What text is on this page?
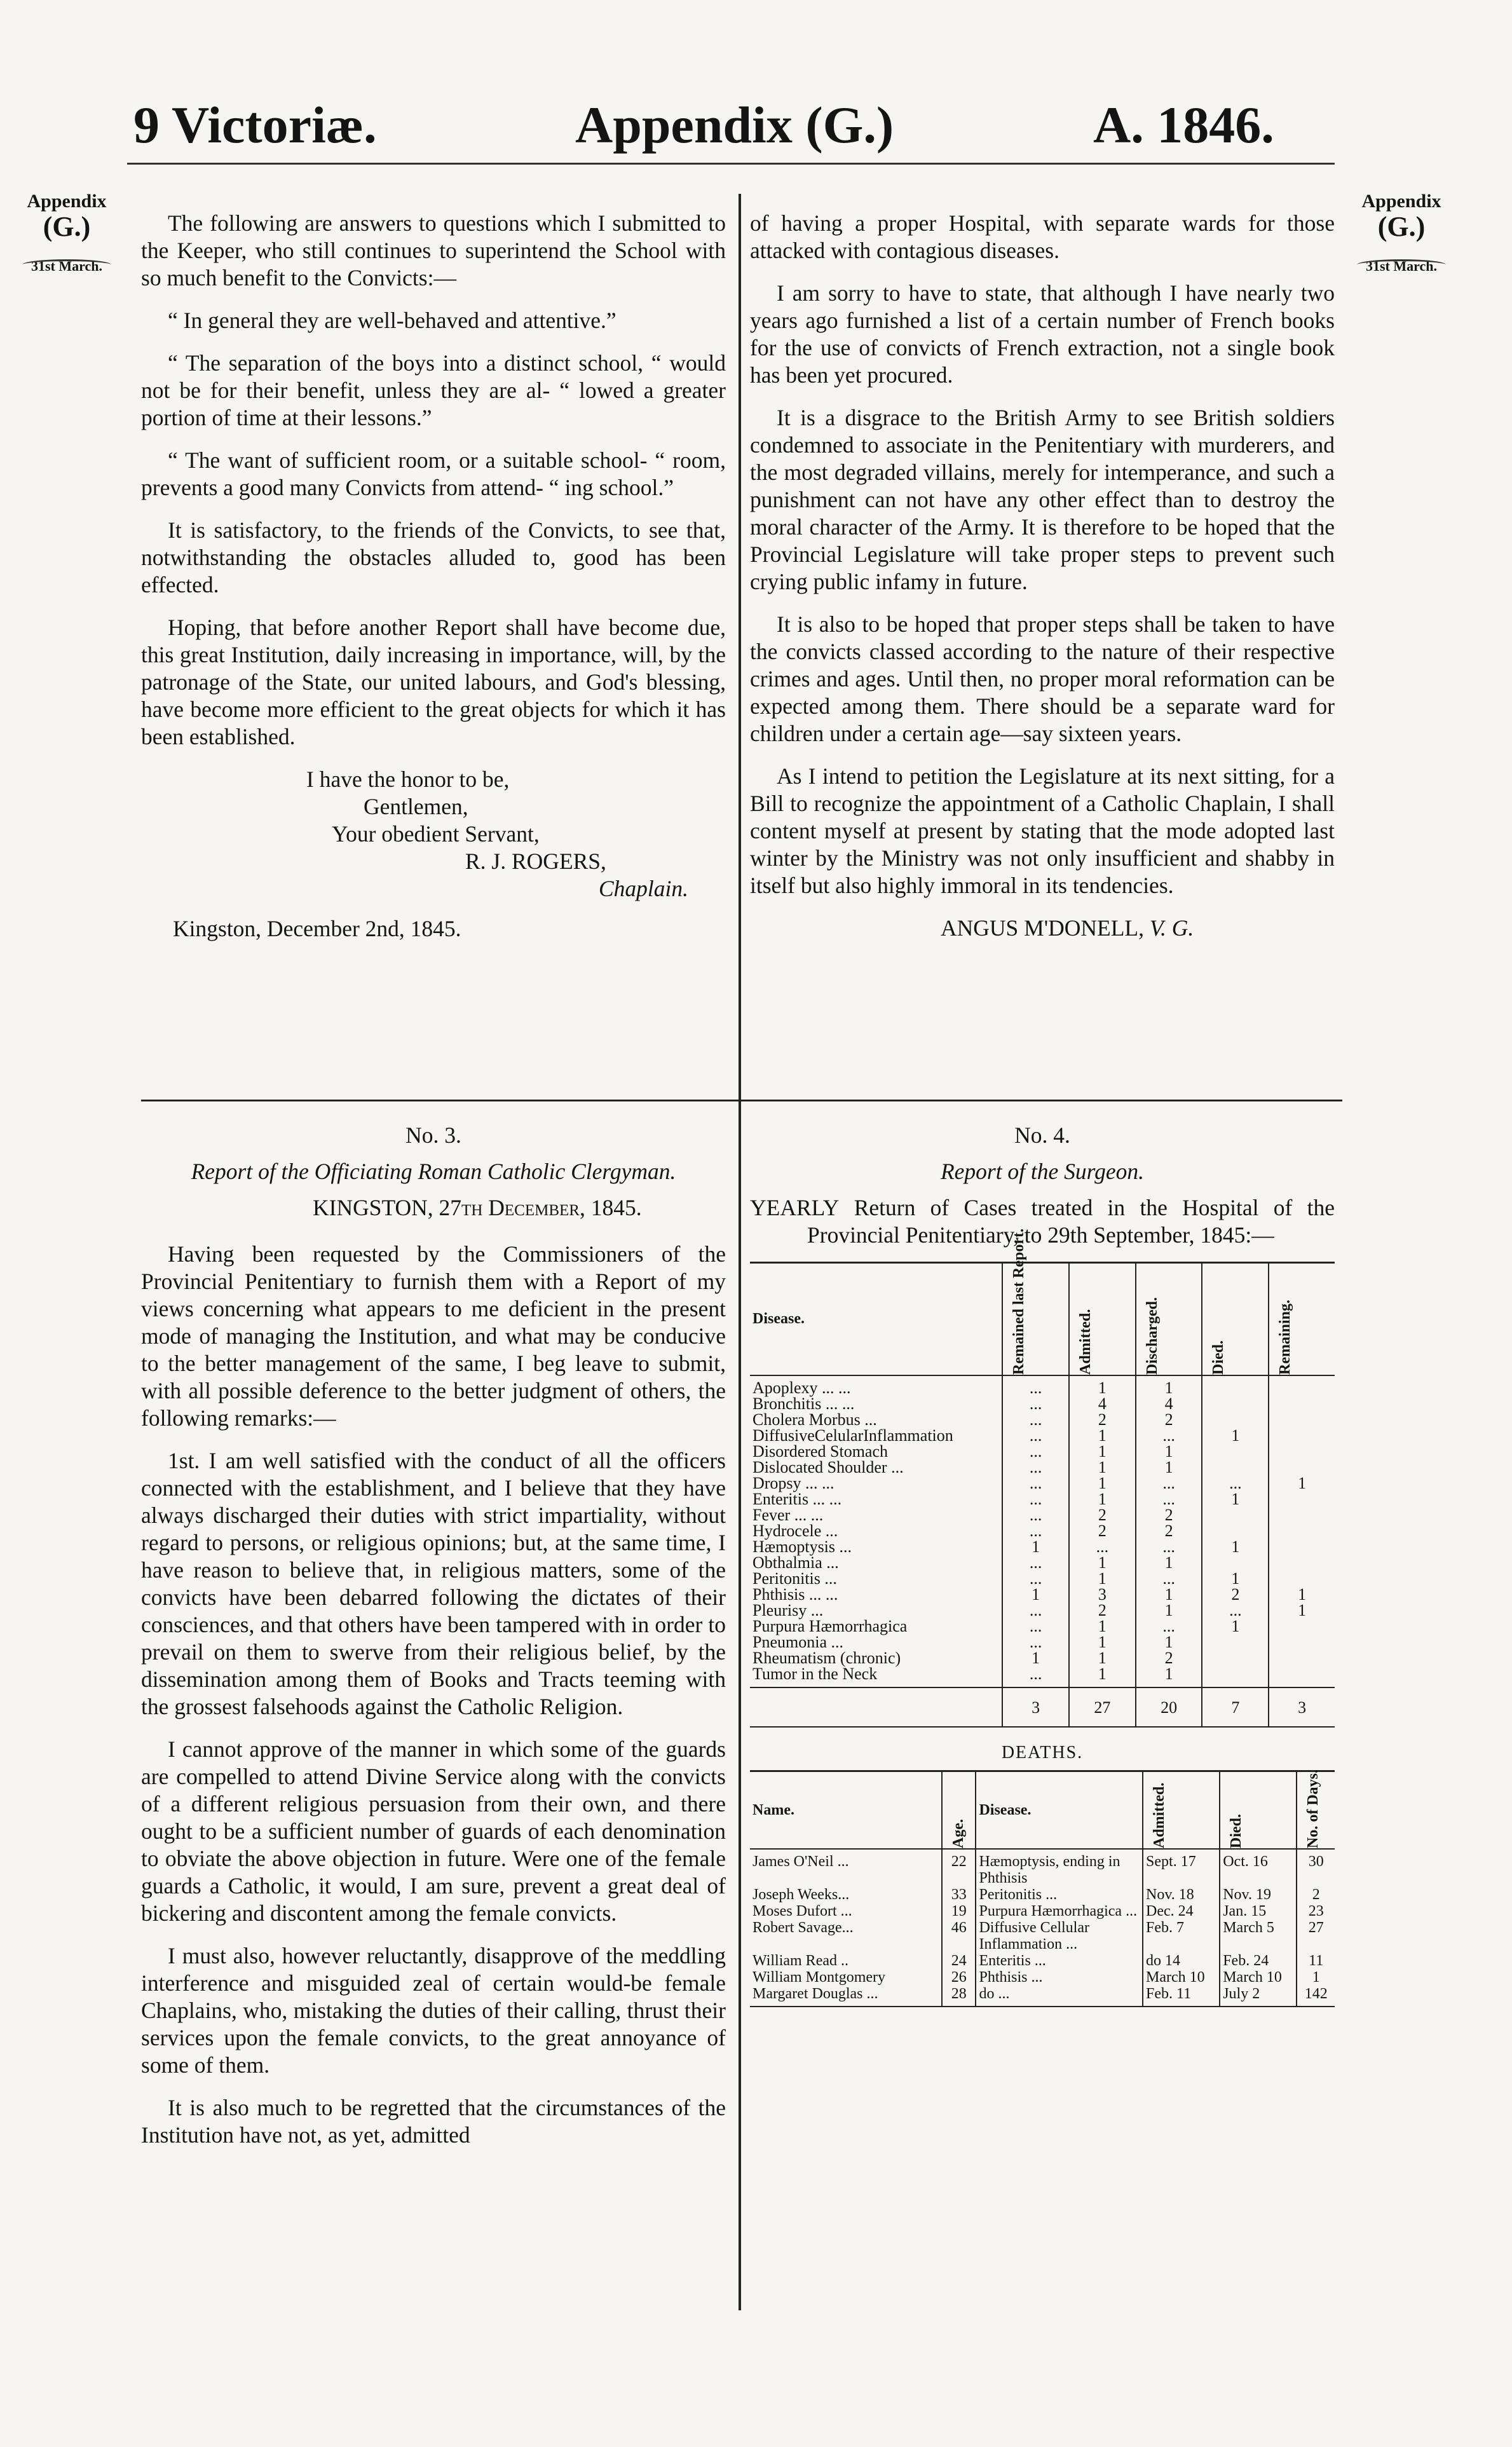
9 Victoriæ.	Appendix (G.)	A. 1846.
Appendix
(G.)
31st March.
Appendix
(G.)
31st March.

The following are answers to questions which I submitted to the Keeper, who still continues to superintend the School with so much benefit to the Convicts:—

“ In general they are well-behaved and attentive.”

“ The separation of the boys into a distinct school, “ would not be for their benefit, unless they are al- “ lowed a greater portion of time at their lessons.”

“ The want of sufficient room, or a suitable school- “ room, prevents a good many Convicts from attend- “ ing school.”

It is satisfactory, to the friends of the Convicts, to see that, notwithstanding the obstacles alluded to, good has been effected.

Hoping, that before another Report shall have become due, this great Institution, daily increasing in importance, will, by the patronage of the State, our united labours, and God's blessing, have become more efficient to the great objects for which it has been established.

I have the honor to be,
Gentlemen,
Your obedient Servant,
R. J. ROGERS,
Chaplain.
Kingston, December 2nd, 1845.

of having a proper Hospital, with separate wards for those attacked with contagious diseases.

I am sorry to have to state, that although I have nearly two years ago furnished a list of a certain number of French books for the use of convicts of French extraction, not a single book has been yet procured.

It is a disgrace to the British Army to see British soldiers condemned to associate in the Penitentiary with murderers, and the most degraded villains, merely for intemperance, and such a punishment can not have any other effect than to destroy the moral character of the Army. It is therefore to be hoped that the Provincial Legislature will take proper steps to prevent such crying public infamy in future.

It is also to be hoped that proper steps shall be taken to have the convicts classed according to the nature of their respective crimes and ages. Until then, no proper moral reformation can be expected among them. There should be a separate ward for children under a certain age—say sixteen years.

As I intend to petition the Legislature at its next sitting, for a Bill to recognize the appointment of a Catholic Chaplain, I shall content myself at present by stating that the mode adopted last winter by the Ministry was not only insufficient and shabby in itself but also highly immoral in its tendencies.

ANGUS M'DONELL, V. G.
No. 3.
Report of the Officiating Roman Catholic Clergyman.
KINGSTON, 27th December, 1845.

Having been requested by the Commissioners of the Provincial Penitentiary to furnish them with a Report of my views concerning what appears to me deficient in the present mode of managing the Institution, and what may be conducive to the better management of the same, I beg leave to submit, with all possible deference to the better judgment of others, the following remarks:—

1st. I am well satisfied with the conduct of all the officers connected with the establishment, and I believe that they have always discharged their duties with strict impartiality, without regard to persons, or religious opinions; but, at the same time, I have reason to believe that, in religious matters, some of the convicts have been debarred following the dictates of their consciences, and that others have been tampered with in order to prevail on them to swerve from their religious belief, by the dissemination among them of Books and Tracts teeming with the grossest falsehoods against the Catholic Religion.

I cannot approve of the manner in which some of the guards are compelled to attend Divine Service along with the convicts of a different religious persuasion from their own, and there ought to be a sufficient number of guards of each denomination to obviate the above objection in future. Were one of the female guards a Catholic, it would, I am sure, prevent a great deal of bickering and discontent among the female convicts.

I must also, however reluctantly, disapprove of the meddling interference and misguided zeal of certain would-be female Chaplains, who, mistaking the duties of their calling, thrust their services upon the female convicts, to the great annoyance of some of them.

It is also much to be regretted that the circumstances of the Institution have not, as yet, admitted

No. 4.
Report of the Surgeon.
YEARLY Return of Cases treated in the Hospital of the Provincial Penitentiary, to 29th September, 1845:—
Disease.	Remained last Report.	Admitted.	Discharged.	Died.	Remaining.

Apoplexy ... ...	...	1	1		
Bronchitis ... ...	...	4	4		
Cholera Morbus ...	...	2	2		
DiffusiveCelularInflammation	...	1	...	1	
Disordered Stomach	...	1	1		
Dislocated Shoulder ...	...	1	1		
Dropsy ... ...	...	1	...	...	1
Enteritis ... ...	...	1	...	1	
Fever ... ...	...	2	2		
Hydrocele ...	...	2	2		
Hæmoptysis ...	1	...	...	1	
Obthalmia ...	...	1	1		
Peritonitis ...	...	1	...	1	
Phthisis ... ...	1	3	1	2	1
Pleurisy ...	...	2	1	...	1
Purpura Hæmorrhagica	...	1	...	1	
Pneumonia ...	...	1	1		
Rheumatism (chronic)	1	1	2		
Tumor in the Neck	...	1	1		

	3	27	20	7	3
DEATHS.
Name.	Age.	Disease.	Admitted.	Died.	No. of Days.

James O'Neil ...	22	Hæmoptysis, ending in Phthisis	Sept. 17	Oct. 16	30
Joseph Weeks...	33	Peritonitis ...	Nov. 18	Nov. 19	2
Moses Dufort ...	19	Purpura Hæmorrhagica ...	Dec. 24	Jan. 15	23
Robert Savage...	46	Diffusive Cellular Inflammation ...	Feb. 7	March 5	27
William Read ..	24	Enteritis ...	do 14	Feb. 24	11
William Montgomery	26	Phthisis ...	March 10	March 10	1
Margaret Douglas ...	28	do ...	Feb. 11	July 2	142
